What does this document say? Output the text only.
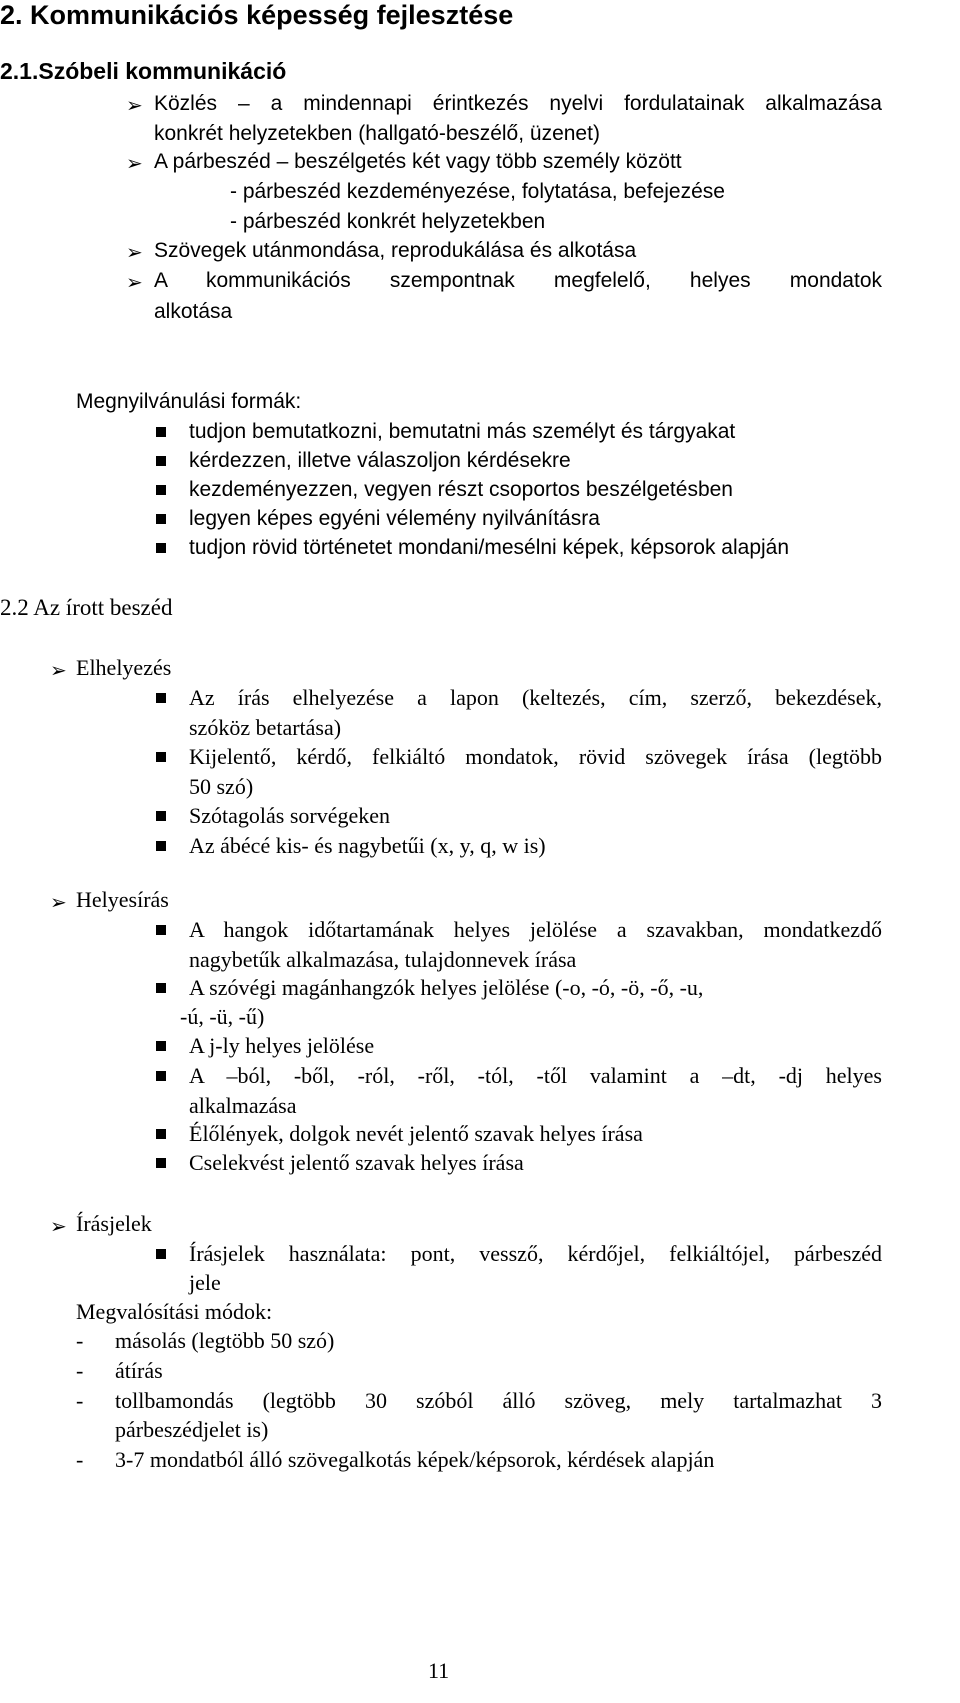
2. Kommunikációs képesség fejlesztése
2.1.Szóbeli kommunikáció
➢ Közlés – a mindennapi érintkezés nyelvi fordulatainak alkalmazása
konkrét helyzetekben (hallgató-beszélő, üzenet)
➢ A párbeszéd – beszélgetés két vagy több személy között
- párbeszéd kezdeményezése, folytatása, befejezése
- párbeszéd konkrét helyzetekben
➢ Szövegek utánmondása, reprodukálása és alkotása
➢ A kommunikációs szempontnak megfelelő, helyes mondatok
alkotása
Megnyilvánulási formák:
tudjon bemutatkozni, bemutatni más személyt és tárgyakat
kérdezzen, illetve válaszoljon kérdésekre
kezdeményezzen, vegyen részt csoportos beszélgetésben
legyen képes egyéni vélemény nyilvánításra
tudjon rövid történetet mondani/mesélni képek, képsorok alapján
2.2 Az írott beszéd
➢ Elhelyezés
Az írás elhelyezése a lapon (keltezés, cím, szerző, bekezdések,
szóköz betartása)
Kijelentő, kérdő, felkiáltó mondatok, rövid szövegek írása (legtöbb
50 szó)
Szótagolás sorvégeken
Az ábécé kis- és nagybetűi (x, y, q, w is)
➢ Helyesírás
A hangok időtartamának helyes jelölése a szavakban, mondatkezdő
nagybetűk alkalmazása, tulajdonnevek írása
A szóvégi magánhangzók helyes jelölése (-o, -ó, -ö, -ő, -u,
-ú, -ü, -ű)
A j-ly helyes jelölése
A –ból, -ből, -ról, -ről, -tól, -től valamint a –dt, -dj helyes
alkalmazása
Élőlények, dolgok nevét jelentő szavak helyes írása
Cselekvést jelentő szavak helyes írása
➢ Írásjelek
Írásjelek használata: pont, vessző, kérdőjel, felkiáltójel, párbeszéd
jele
Megvalósítási módok:
- másolás (legtöbb 50 szó)
- átírás
- tollbamondás (legtöbb 30 szóból álló szöveg, mely tartalmazhat 3
párbeszédjelet is)
- 3-7 mondatból álló szövegalkotás képek/képsorok, kérdések alapján
11
